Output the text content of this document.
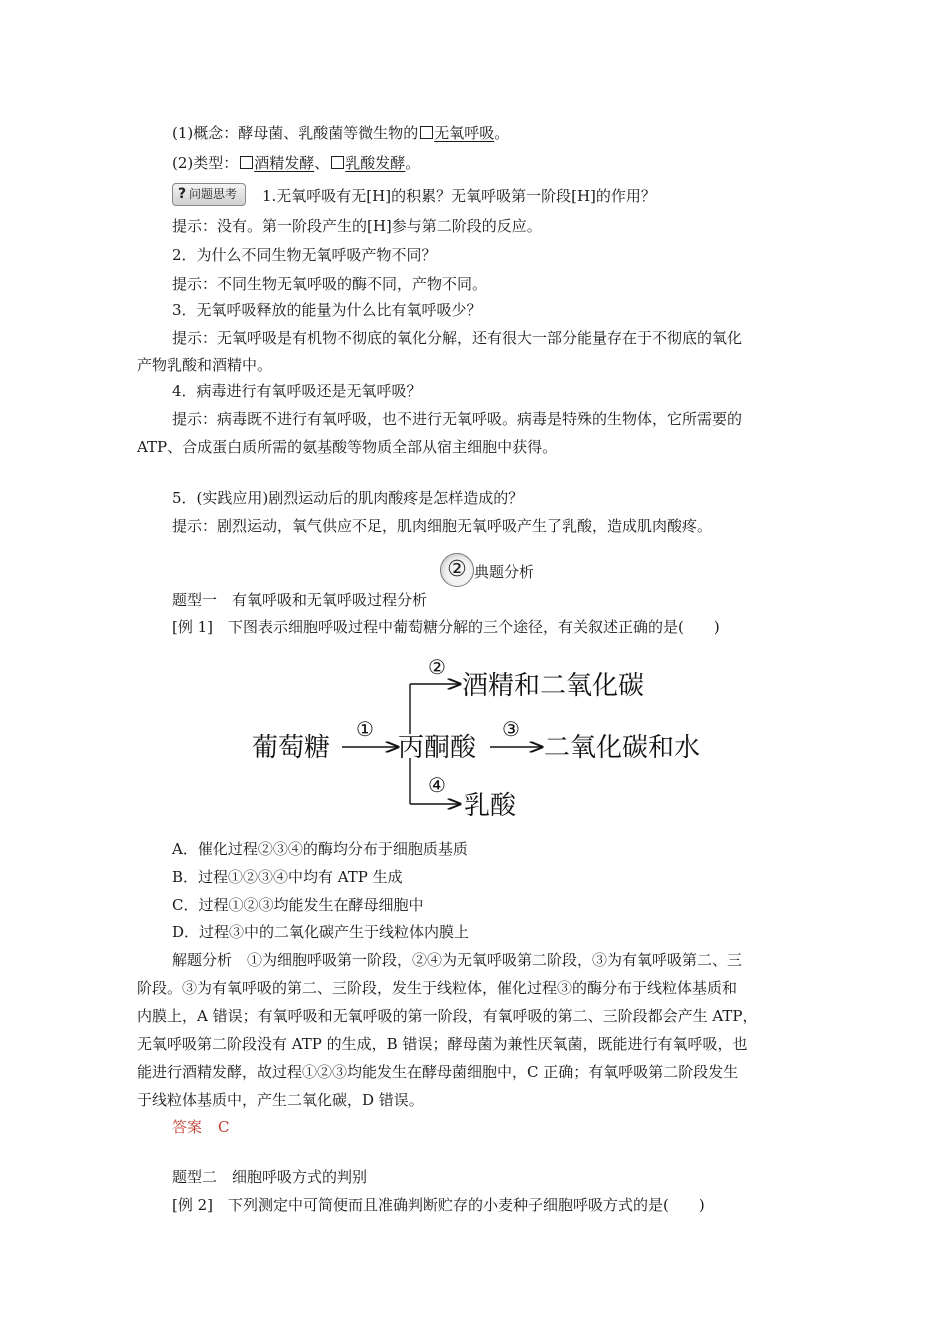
(1)概念：酵母菌、乳酸菌等微生物的 无氧呼吸。
(2)类型： 酒精发酵、 乳酸发酵。
? 问题思考	1.无氧呼吸有无[H]的积累？无氧呼吸第一阶段[H]的作用？
提示：没有。第一阶段产生的[H]参与第二阶段的反应。
2．为什么不同生物无氧呼吸产物不同？
提示：不同生物无氧呼吸的酶不同，产物不同。
3．无氧呼吸释放的能量为什么比有氧呼吸少？
提示：无氧呼吸是有机物不彻底的氧化分解，还有很大一部分能量存在于不彻底的氧化
产物乳酸和酒精中。
4．病毒进行有氧呼吸还是无氧呼吸？
提示：病毒既不进行有氧呼吸，也不进行无氧呼吸。病毒是特殊的生物体，它所需要的
ATP、合成蛋白质所需的氨基酸等物质全部从宿主细胞中获得。
5．(实践应用)剧烈运动后的肌肉酸疼是怎样造成的？
提示：剧烈运动，氧气供应不足，肌肉细胞无氧呼吸产生了乳酸，造成肌肉酸疼。
② 典题分析
题型一　有氧呼吸和无氧呼吸过程分析
[例 1]　下图表示细胞呼吸过程中葡萄糖分解的三个途径，有关叙述正确的是(　　)
葡萄糖
①
丙酮酸
②
酒精和二氧化碳
③
二氧化碳和水
④
乳酸
A．催化过程②③④的酶均分布于细胞质基质
B．过程①②③④中均有 ATP 生成
C．过程①②③均能发生在酵母细胞中
D．过程③中的二氧化碳产生于线粒体内膜上
解题分析　①为细胞呼吸第一阶段，②④为无氧呼吸第二阶段，③为有氧呼吸第二、三
阶段。③为有氧呼吸的第二、三阶段，发生于线粒体，催化过程③的酶分布于线粒体基质和
内膜上，A 错误；有氧呼吸和无氧呼吸的第一阶段，有氧呼吸的第二、三阶段都会产生 ATP，
无氧呼吸第二阶段没有 ATP 的生成，B 错误；酵母菌为兼性厌氧菌，既能进行有氧呼吸，也
能进行酒精发酵，故过程①②③均能发生在酵母菌细胞中，C 正确；有氧呼吸第二阶段发生
于线粒体基质中，产生二氧化碳，D 错误。
答案 C
题型二　细胞呼吸方式的判别
[例 2]　下列测定中可简便而且准确判断贮存的小麦种子细胞呼吸方式的是(　　)
